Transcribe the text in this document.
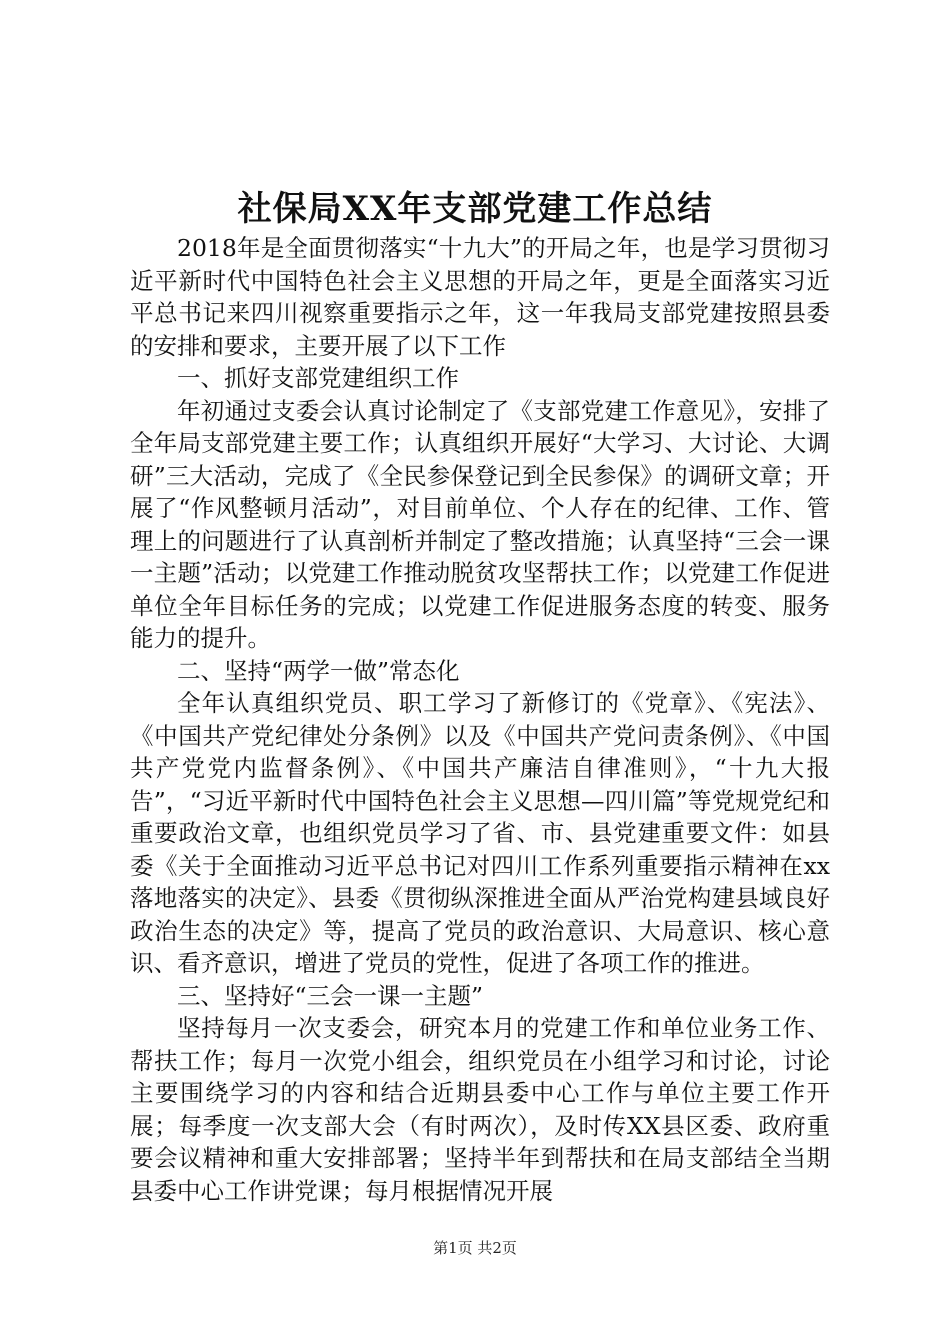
社保局XX年支部党建工作总结

2018年是全面贯彻落实“十九大”的开局之年，也是学习贯彻习近平新时代中国特色社会主义思想的开局之年，更是全面落实习近平总书记来四川视察重要指示之年，这一年我局支部党建按照县委的安排和要求，主要开展了以下工作

一、抓好支部党建组织工作

年初通过支委会认真讨论制定了《支部党建工作意见》，安排了全年局支部党建主要工作；认真组织开展好“大学习、大讨论、大调研”三大活动，完成了《全民参保登记到全民参保》的调研文章；开展了“作风整顿月活动”，对目前单位、个人存在的纪律、工作、管理上的问题进行了认真剖析并制定了整改措施；认真坚持“三会一课一主题”活动；以党建工作推动脱贫攻坚帮扶工作；以党建工作促进单位全年目标任务的完成；以党建工作促进服务态度的转变、服务能力的提升。

二、坚持“两学一做”常态化

全年认真组织党员、职工学习了新修订的《党章》、《宪法》、《中国共产党纪律处分条例》以及《中国共产党问责条例》、《中国共产党党内监督条例》、《中国共产廉洁自律准则》，“十九大报告”，“习近平新时代中国特色社会主义思想—四川篇”等党规党纪和重要政治文章，也组织党员学习了省、市、县党建重要文件：如县委《关于全面推动习近平总书记对四川工作系列重要指示精神在xx落地落实的决定》、县委《贯彻纵深推进全面从严治党构建县域良好政治生态的决定》等，提高了党员的政治意识、大局意识、核心意识、看齐意识，增进了党员的党性，促进了各项工作的推进。

三、坚持好“三会一课一主题”

坚持每月一次支委会，研究本月的党建工作和单位业务工作、帮扶工作；每月一次党小组会，组织党员在小组学习和讨论，讨论主要围绕学习的内容和结合近期县委中心工作与单位主要工作开展；每季度一次支部大会（有时两次），及时传XX县区委、政府重要会议精神和重大安排部署；坚持半年到帮扶和在局支部结全当期县委中心工作讲党课；每月根据情况开展

第1页 共2页
